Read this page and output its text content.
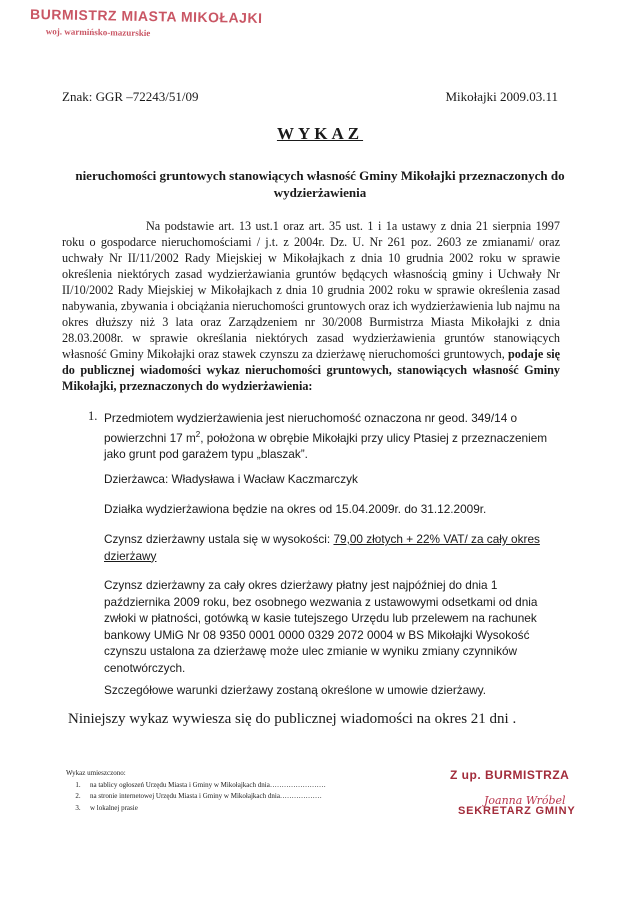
BURMISTRZ MIASTA MIKOŁAJKI
woj. warmińsko-mazurskie
Znak: GGR –72243/51/09	Mikołajki 2009.03.11
WYKAZ
nieruchomości gruntowych stanowiących własność Gminy Mikołajki przeznaczonych do wydzierżawienia
Na podstawie art. 13 ust.1 oraz art. 35 ust. 1 i 1a ustawy z dnia 21 sierpnia 1997 roku o gospodarce nieruchomościami / j.t. z 2004r. Dz. U. Nr 261 poz. 2603 ze zmianami/ oraz uchwały Nr II/11/2002 Rady Miejskiej w Mikołajkach z dnia 10 grudnia 2002 roku w sprawie określenia niektórych zasad wydzierżawiania gruntów będących własnością gminy i Uchwały Nr II/10/2002 Rady Miejskiej w Mikołajkach z dnia 10 grudnia 2002 roku w sprawie określenia zasad nabywania, zbywania i obciążania nieruchomości gruntowych oraz ich wydzierżawienia lub najmu na okres dłuższy niż 3 lata oraz Zarządzeniem nr 30/2008 Burmistrza Miasta Mikołajki z dnia 28.03.2008r. w sprawie określania niektórych zasad wydzierżawienia gruntów stanowiących własność Gminy Mikołajki oraz stawek czynszu za dzierżawę nieruchomości gruntowych, podaje się do publicznej wiadomości wykaz nieruchomości gruntowych, stanowiących własność Gminy Mikołajki, przeznaczonych do wydzierżawienia:
1. Przedmiotem wydzierżawienia jest nieruchomość oznaczona nr geod. 349/14 o powierzchni 17 $m^2$, położona w obrębie Mikołajki przy ulicy Ptasiej z przeznaczeniem jako grunt pod garażem typu „blaszak”.
Dzierżawca: Władysława i Wacław Kaczmarczyk
Działka wydzierżawiona będzie na okres od 15.04.2009r. do 31.12.2009r.
Czynsz dzierżawny ustala się w wysokości: 79,00 złotych + 22% VAT/ za cały okres dzierżawy
Czynsz dzierżawny za cały okres dzierżawy płatny jest najpóźniej do dnia 1 października 2009 roku, bez osobnego wezwania z ustawowymi odsetkami od dnia zwłoki w płatności, gotówką w kasie tutejszego Urzędu lub przelewem na rachunek bankowy UMiG Nr 08 9350 0001 0000 0329 2072 0004 w BS Mikołajki Wysokość czynszu ustalona za dzierżawę może ulec zmianie w wyniku zmiany czynników cenotwórczych.
Szczegółowe warunki dzierżawy zostaną określone w umowie dzierżawy.
Niniejszy wykaz wywiesza się do publicznej wiadomości na okres 21 dni .
Wykaz umieszczono:
1.	na tablicy ogłoszeń Urzędu Miasta i Gminy w Mikołajkach dnia……………………
2.	na stronie internetowej Urzędu Miasta i Gminy w Mikołajkach dnia………………
3.	w lokalnej prasie
Z up. BURMISTRZA
Joanna Wróbel
SEKRETARZ GMINY
